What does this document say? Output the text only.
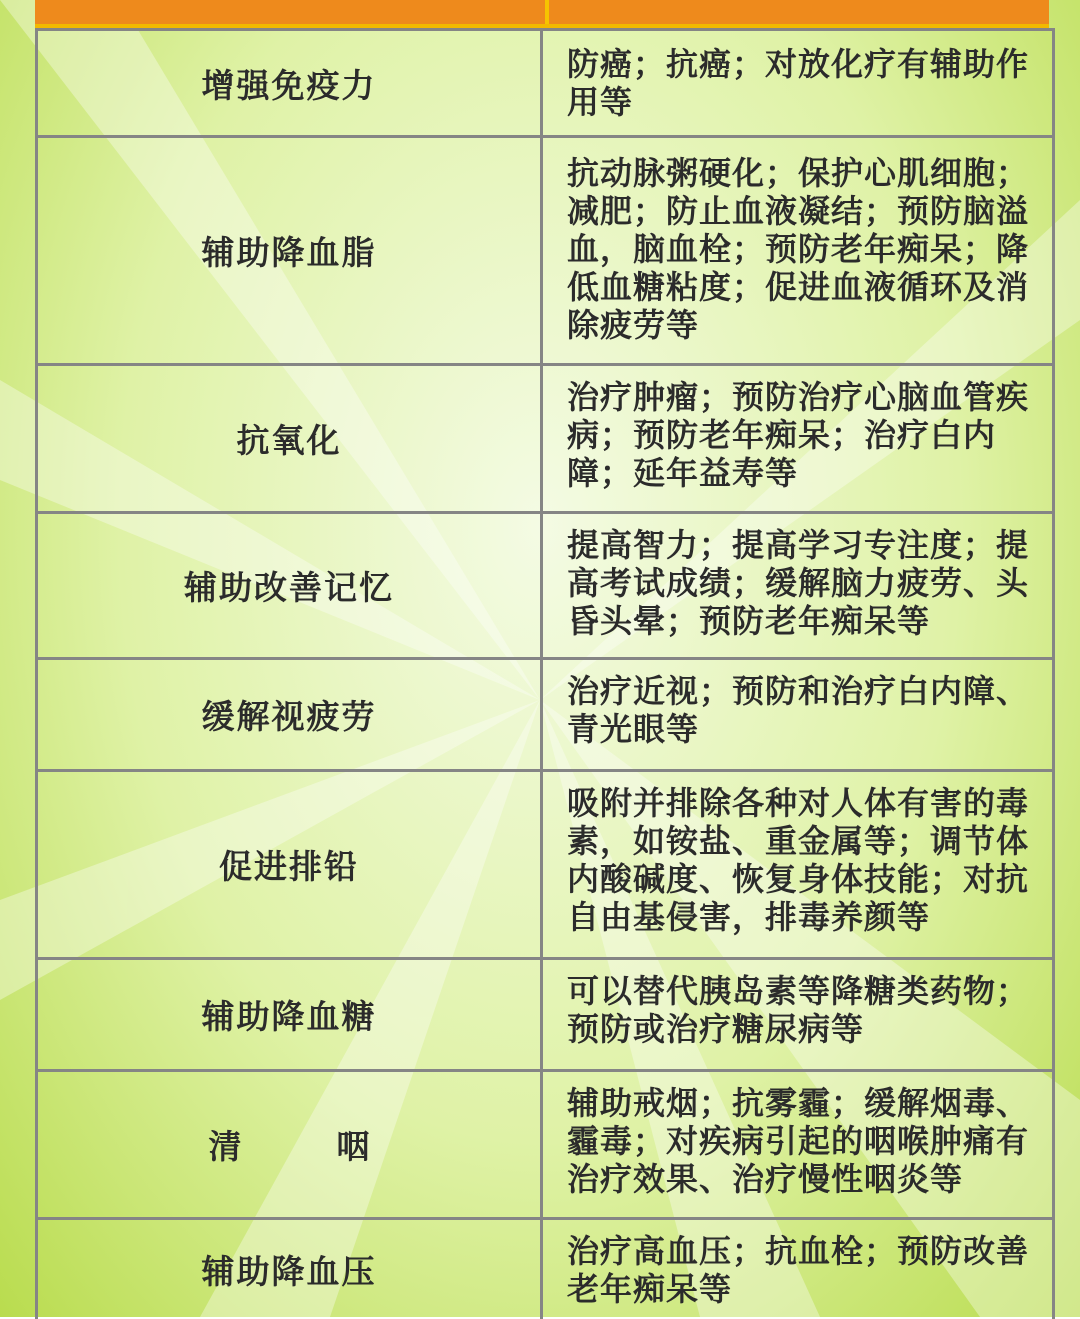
增强免疫力
防癌；抗癌；对放化疗有辅助作用等
辅助降血脂
抗动脉粥硬化；保护心肌细胞；减肥；防止血液凝结；预防脑溢血，脑血栓；预防老年痴呆；降低血糖粘度；促进血液循环及消除疲劳等
抗氧化
治疗肿瘤；预防治疗心脑血管疾病；预防老年痴呆；治疗白内障；延年益寿等
辅助改善记忆
提高智力；提高学习专注度；提高考试成绩；缓解脑力疲劳、头昏头晕；预防老年痴呆等
缓解视疲劳
治疗近视；预防和治疗白内障、青光眼等
促进排铅
吸附并排除各种对人体有害的毒素，如铵盐、重金属等；调节体内酸碱度、恢复身体技能；对抗自由基侵害，排毒养颜等
辅助降血糖
可以替代胰岛素等降糖类药物；预防或治疗糖尿病等
清咽
辅助戒烟；抗雾霾；缓解烟毒、霾毒；对疾病引起的咽喉肿痛有治疗效果、治疗慢性咽炎等
辅助降血压
治疗高血压；抗血栓；预防改善老年痴呆等
